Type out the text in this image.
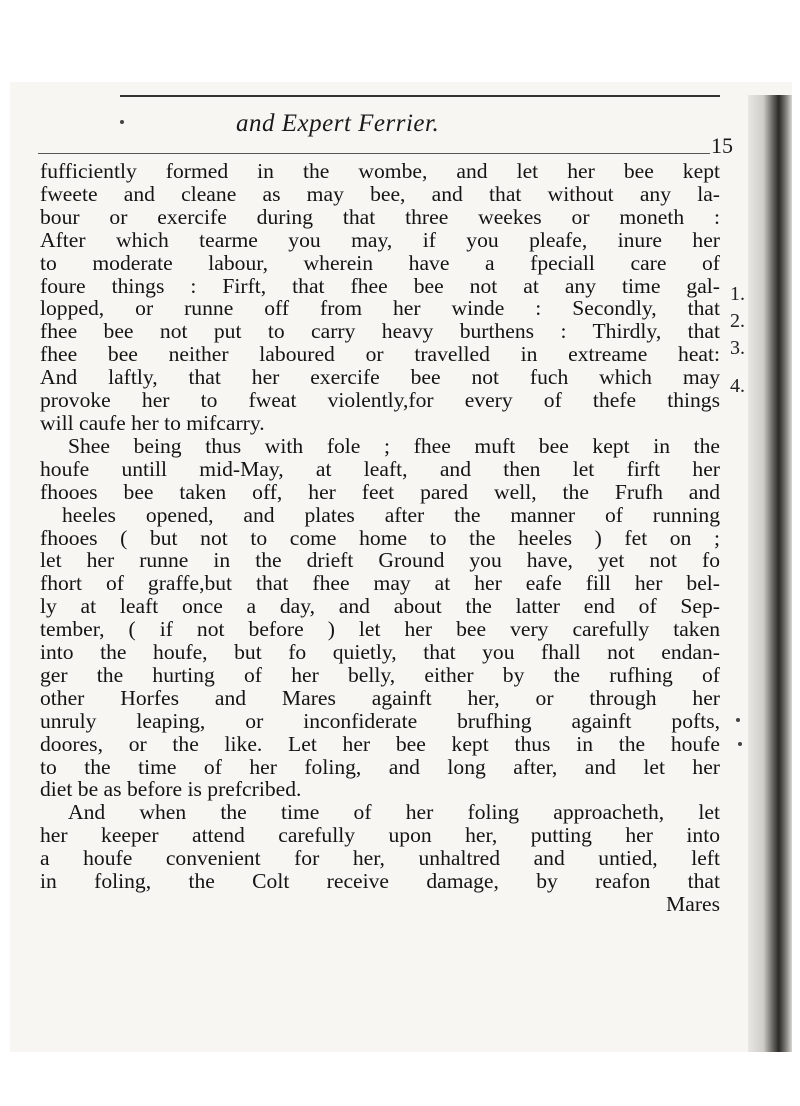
and Expert Ferrier.
15
fufficiently formed in the wombe, and let her bee kept
fweete and cleane as may bee, and that without any la-
bour or exercife during that three weekes or moneth :
After which tearme you may, if you pleafe, inure her
to moderate labour, wherein have a fpeciall care of
foure things : Firft, that fhee bee not at any time gal-
lopped, or runne off from her winde : Secondly, that
fhee bee not put to carry heavy burthens : Thirdly, that
fhee bee neither laboured or travelled in extreame heat:
And laftly, that her exercife bee not fuch which may
provoke her to fweat violently,for every of thefe things
will caufe her to mifcarry.
Shee being thus with fole ; fhee muft bee kept in the
houfe untill mid-May, at leaft, and then let firft her
fhooes bee taken off, her feet pared well, the Frufh and
heeles opened, and plates after the manner of running
fhooes ( but not to come home to the heeles ) fet on ;
let her runne in the drieft Ground you have, yet not fo
fhort of graffe,but that fhee may at her eafe fill her bel-
ly at leaft once a day, and about the latter end of Sep-
tember, ( if not before ) let her bee very carefully taken
into the houfe, but fo quietly, that you fhall not endan-
ger the hurting of her belly, either by the rufhing of
other Horfes and Mares againft her, or through her
unruly leaping, or inconfiderate brufhing againft pofts,
doores, or the like. Let her bee kept thus in the houfe
to the time of her foling, and long after, and let her
diet be as before is prefcribed.
And when the time of her foling approacheth, let
her keeper attend carefully upon her, putting her into
a houfe convenient for her, unhaltred and untied, left
in foling, the Colt receive damage, by reafon that
Mares
1.
2.
3.
4.
